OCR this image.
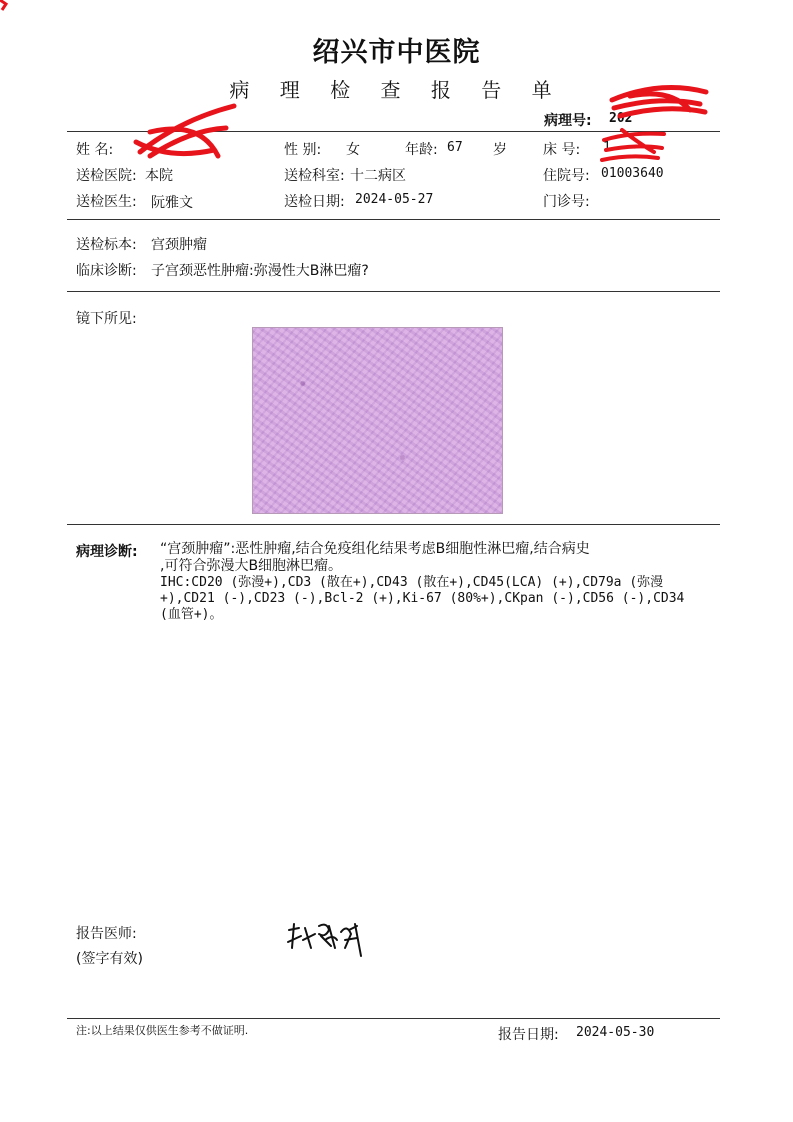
绍兴市中医院
病 理 检 查 报 告 单
病理号: 202
姓 名:	性 别: 女	年龄: 67 岁	床 号: 1
送检医院: 本院	送检科室: 十二病区	住院号: 01003640
送检医生: 阮雅文	送检日期: 2024-05-27	门诊号:
送检标本: 宫颈肿瘤
临床诊断: 子宫颈恶性肿瘤:弥漫性大B淋巴瘤?
镜下所见:
病理诊断: “宫颈肿瘤”:恶性肿瘤,结合免疫组化结果考虑B细胞性淋巴瘤,结合病史
,可符合弥漫大B细胞淋巴瘤。
IHC:CD20 (弥漫+),CD3 (散在+),CD43 (散在+),CD45(LCA) (+),CD79a (弥漫+),CD21 (-),CD23 (-),Bcl-2 (+),Ki-67 (80%+),CKpan (-),CD56 (-),CD34 (血管+)。
报告医师:
(签字有效)
注:以上结果仅供医生参考不做证明.	报告日期: 2024-05-30
